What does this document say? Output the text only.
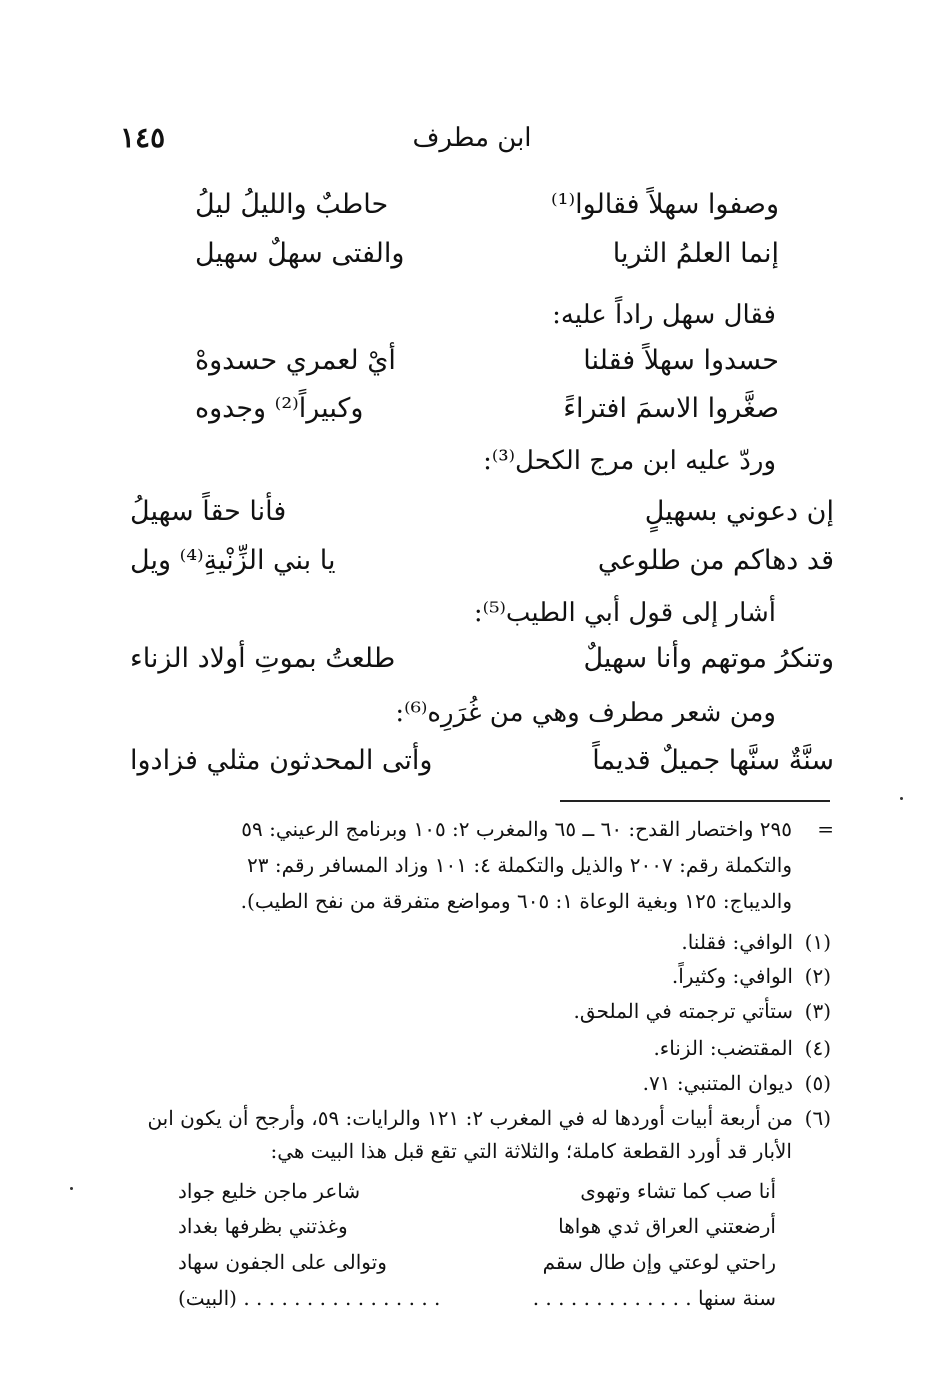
ابن مطرف
١٤٥
وصفوا سهلاً فقالوا⁽¹⁾
حاطبٌ والليلُ ليلُ
إنما العلمُ الثريا
والفتى سهلٌ سهيل
فقال سهل راداً عليه:
حسدوا سهلاً فقلنا
أيْ لعمري حسدوهْ
صغَّروا الاسمَ افتراءً
وكبيراً⁽²⁾ وجدوه
وردّ عليه ابن مرج الكحل⁽³⁾:
إن دعوني بسهيلٍ
فأنا حقاً سهيلُ
قد دهاكم من طلوعي
يا بني الزِّنْيةِ⁽⁴⁾ ويل
أشار إلى قول أبي الطيب⁽⁵⁾:
وتنكرُ موتهم وأنا سهيلٌ
طلعتُ بموتِ أولاد الزناء
ومن شعر مطرف وهي من غُرَرِه⁽⁶⁾:
سنَّةٌ سنَّها جميلٌ قديماً
وأتى المحدثون مثلي فزادوا
=
٢٩٥ واختصار القدح: ٦٠ ــ ٦٥ والمغرب ٢: ١٠٥ وبرنامج الرعيني: ٥٩
والتكملة رقم: ٢٠٠٧ والذيل والتكملة ٤: ١٠١ وزاد المسافر رقم: ٢٣
والديباج: ١٢٥ وبغية الوعاة ١: ٦٠٥ ومواضع متفرقة من نفح الطيب).
(١)الوافي: فقلنا.
(٢)الوافي: وكثيراً.
(٣)ستأتي ترجمته في الملحق.
(٤)المقتضب: الزناء.
(٥)ديوان المتنبي: ٧١.
(٦)من أربعة أبيات أوردها له في المغرب ٢: ١٢١ والرايات: ٥٩، وأرجح أن يكون ابن
الأبار قد أورد القطعة كاملة؛ والثلاثة التي تقع قبل هذا البيت هي:
أنا صب كما تشاء وتهوى
شاعر ماجن خليع جواد
أرضعتني العراق ثدي هواها
وغذتني بظرفها بغداد
راحتي لوعتي وإن طال سقم
وتوالى على الجفون سهاد
سنة سنها . . . . . . . . . . . . .
. . . . . . . . . . . . . . . . (البيت)
